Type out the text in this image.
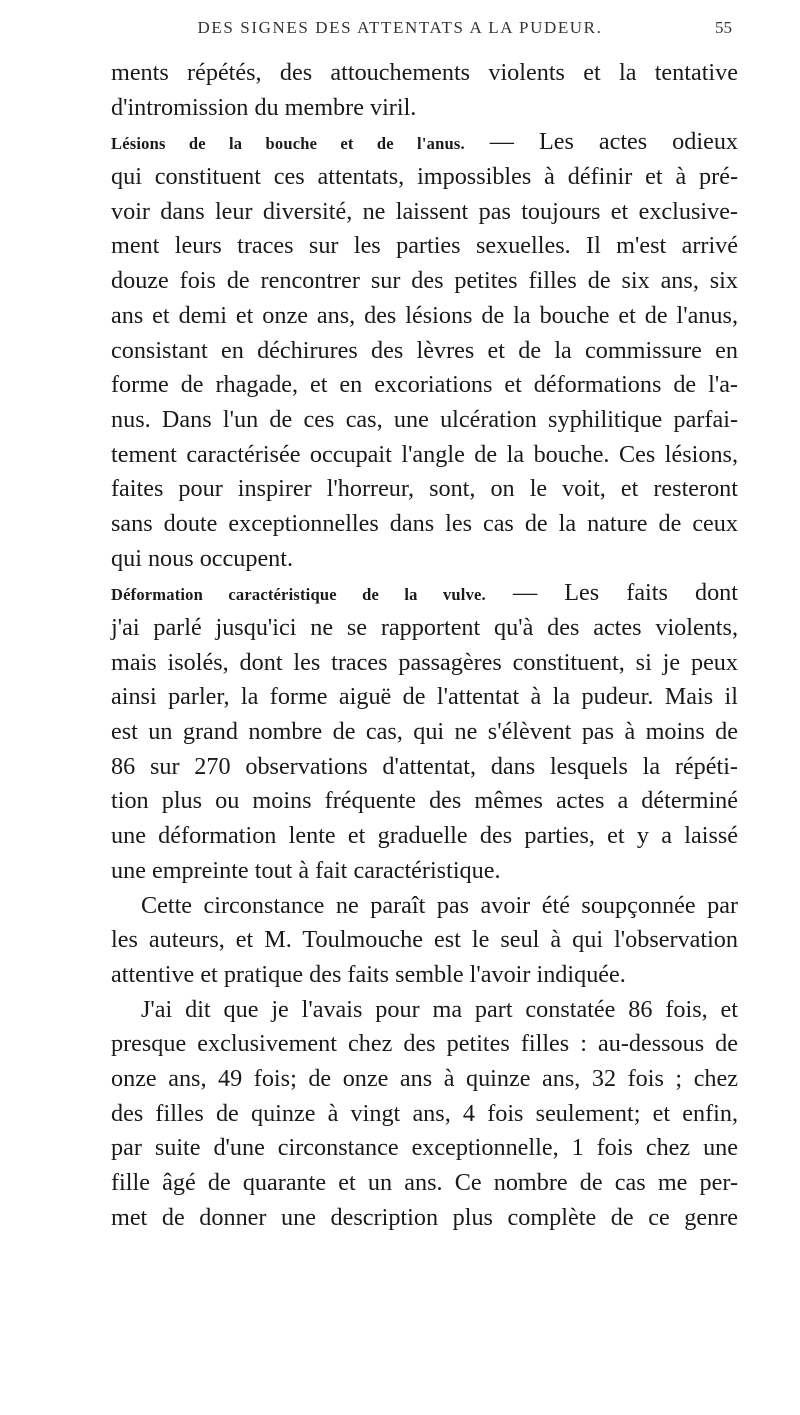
DES SIGNES DES ATTENTATS A LA PUDEUR.	55
ments répétés, des attouchements violents et la tentative
d'intromission du membre viril.
Lésions de la bouche et de l'anus. — Les actes odieux
qui constituent ces attentats, impossibles à définir et à pré-
voir dans leur diversité, ne laissent pas toujours et exclusive-
ment leurs traces sur les parties sexuelles. Il m'est arrivé
douze fois de rencontrer sur des petites filles de six ans, six
ans et demi et onze ans, des lésions de la bouche et de l'anus,
consistant en déchirures des lèvres et de la commissure en
forme de rhagade, et en excoriations et déformations de l'a-
nus. Dans l'un de ces cas, une ulcération syphilitique parfai-
tement caractérisée occupait l'angle de la bouche. Ces lésions,
faites pour inspirer l'horreur, sont, on le voit, et resteront
sans doute exceptionnelles dans les cas de la nature de ceux
qui nous occupent.
Déformation caractéristique de la vulve. — Les faits dont
j'ai parlé jusqu'ici ne se rapportent qu'à des actes violents,
mais isolés, dont les traces passagères constituent, si je peux
ainsi parler, la forme aiguë de l'attentat à la pudeur. Mais il
est un grand nombre de cas, qui ne s'élèvent pas à moins de
86 sur 270 observations d'attentat, dans lesquels la répéti-
tion plus ou moins fréquente des mêmes actes a déterminé
une déformation lente et graduelle des parties, et y a laissé
une empreinte tout à fait caractéristique.
Cette circonstance ne paraît pas avoir été soupçonnée par
les auteurs, et M. Toulmouche est le seul à qui l'observation
attentive et pratique des faits semble l'avoir indiquée.
J'ai dit que je l'avais pour ma part constatée 86 fois, et
presque exclusivement chez des petites filles : au-dessous de
onze ans, 49 fois; de onze ans à quinze ans, 32 fois ; chez
des filles de quinze à vingt ans, 4 fois seulement; et enfin,
par suite d'une circonstance exceptionnelle, 1 fois chez une
fille âgé de quarante et un ans. Ce nombre de cas me per-
met de donner une description plus complète de ce genre
